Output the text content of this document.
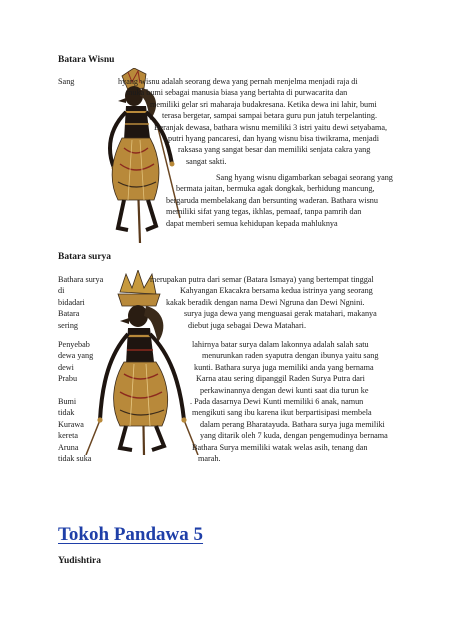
Batara Wisnu
Sang	hyang wisnu adalah seorang dewa yang pernah menjelma menjadi raja di
muka bumi sebagai manusia biasa yang bertahta di purwacarita dan
memiliki gelar sri maharaja budakresana. Ketika dewa ini lahir, bumi
terasa bergetar, sampai sampai betara guru pun jatuh terpelanting.
Beranjak dewasa, bathara wisnu memiliki 3 istri yaitu dewi setyabama,
putri hyang pancaresi, dan hyang wisnu bisa tiwikrama, menjadi
raksasa yang sangat besar dan memiliki senjata cakra yang
sangat sakti.
Sang hyang wisnu digambarkan sebagai seorang yang
bermata jaitan, bermuka agak dongkak, berhidung mancung,
bergaruda membelakang dan bersunting waderan. Bathara wisnu
memiliki sifat yang tegas, ikhlas, pemaaf, tanpa pamrih dan
dapat memberi semua kehidupan kepada mahluknya
Batara surya
Bathara surya
di
bidadari
Batara
sering
merupakan putra dari semar (Batara Ismaya) yang bertempat tinggal
Kahyangan Ekacakra bersama kedua istrinya yang seorang
kakak beradik dengan nama Dewi Ngruna dan Dewi Ngnini.
surya juga dewa yang menguasai gerak matahari, makanya
diebut juga sebagai Dewa Matahari.
Penyebab
dewa yang
dewi
Prabu
Bumi
tidak
Kurawa
kereta
Aruna
tidak suka
lahirnya batar surya dalam lakonnya adalah salah satu
menurunkan raden syaputra dengan ibunya yaitu sang
kunti. Bathara surya juga memiliki anda yang bernama
Karna atau sering dipanggil Raden Surya Putra dari
perkawinannya dengan dewi kunti saat dia turun ke
. Pada dasarnya Dewi Kunti memiliki 6 anak, namun
mengikuti sang ibu karena ikut berpartisipasi membela
dalam perang Bharatayuda. Bathara surya juga memiliki
yang ditarik oleh 7 kuda, dengan pengemudinya bernama
Bathara Surya memiliki watak welas asih, tenang dan
marah.
Tokoh Pandawa 5
Yudishtira
